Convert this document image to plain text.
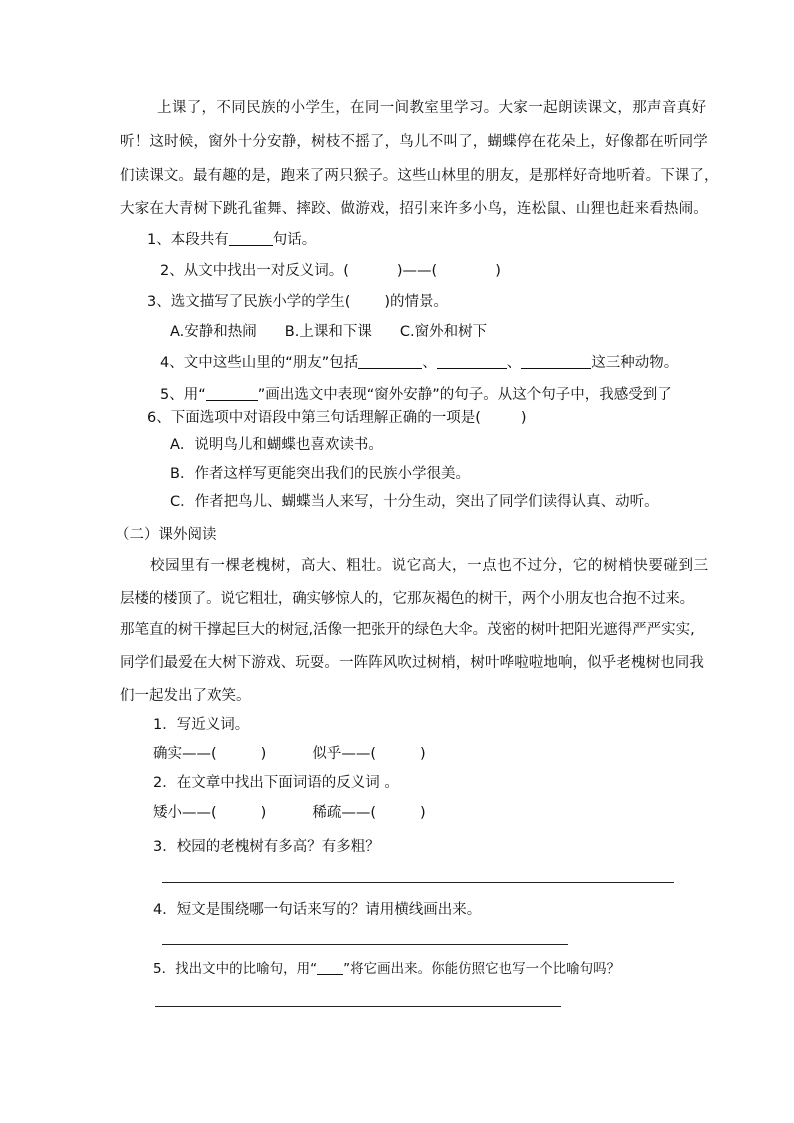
上课了，不同民族的小学生，在同一间教室里学习。大家一起朗读课文，那声音真好
听！这时候，窗外十分安静，树枝不摇了，鸟儿不叫了，蝴蝶停在花朵上，好像都在听同学
们读课文。最有趣的是，跑来了两只猴子。这些山林里的朋友，是那样好奇地听着。下课了，
大家在大青树下跳孔雀舞、摔跤、做游戏，招引来许多小鸟，连松鼠、山狸也赶来看热闹。
1、本段共有	句话。
2、从文中找出一对反义词。(	)——(	)
3、选文描写了民族小学的学生( )的情景。
A.安静和热闹 B.上课和下课 C.窗外和树下
4、文中这些山里的“朋友”包括	、	、	这三种动物。
5、用“	”画出选文中表现“窗外安静”的句子。从这个句子中，我感受到了
6、下面选项中对语段中第三句话理解正确的一项是(	)
A．说明鸟儿和蝴蝶也喜欢读书。
B．作者这样写更能突出我们的民族小学很美。
C．作者把鸟儿、蝴蝶当人来写，十分生动，突出了同学们读得认真、动听。
（二）课外阅读
校园里有一棵老槐树，高大、粗壮。说它高大，一点也不过分，它的树梢快要碰到三
层楼的楼顶了。说它粗壮，确实够惊人的，它那灰褐色的树干，两个小朋友也合抱不过来。
那笔直的树干撑起巨大的树冠,活像一把张开的绿色大伞。茂密的树叶把阳光遮得严严实实,
同学们最爱在大树下游戏、玩耍。一阵阵风吹过树梢，树叶哗啦啦地响，似乎老槐树也同我
们一起发出了欢笑。
1．写近义词。
确实——(	)	似乎——(	)
2．在文章中找出下面词语的反义词 。
矮小——(	)	稀疏——(	)
3．校园的老槐树有多高？有多粗？
4．短文是围绕哪一句话来写的？请用横线画出来。
5．找出文中的比喻句，用“ ”将它画出来。你能仿照它也写一个比喻句吗？
